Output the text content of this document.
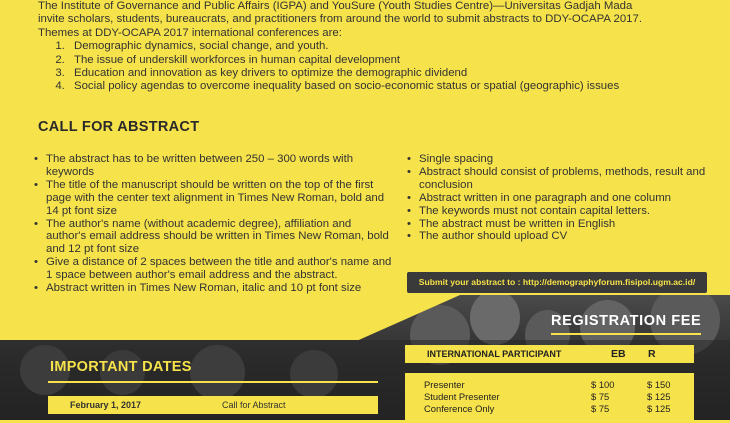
The Institute of Governance and Public Affairs (IGPA) and YouSure (Youth Studies Centre)—Universitas Gadjah Mada

invite scholars, students, bureaucrats, and practitioners from around the world to submit abstracts to DDY-OCAPA 2017.

Themes at DDY-OCAPA 2017 international conferences are:

1. Demographic dynamics, social change, and youth.
2. The issue of underskill workforces in human capital development
3. Education and innovation as key drivers to optimize the demographic dividend
4. Social policy agendas to overcome inequality based on socio-economic status or spatial (geographic) issues
CALL FOR ABSTRACT
• The abstract has to be written between 250 – 300 words with keywords
• The title of the manuscript should be written on the top of the first page with the center text alignment in Times New Roman, bold and 14 pt font size
• The author's name (without academic degree), affiliation and author's email address should be written in Times New Roman, bold and 12 pt font size
• Give a distance of 2 spaces between the title and author's name and 1 space between author's email address and the abstract.
• Abstract written in Times New Roman, italic and 10 pt font size
•
• Single spacing
• Abstract should consist of problems, methods, result and conclusion
• Abstract written in one paragraph and one column
• The keywords must not contain capital letters.
• The abstract must be written in English
• The author should upload CV
Submit your abstract to : http://demographyforum.fisipol.ugm.ac.id/
IMPORTANT DATES
February 1, 2017	Call for Abstract
REGISTRATION FEE
INTERNATIONAL PARTICIPANT	EB R
Presenter	$ 100	$ 150
Student Presenter	$ 75	$ 125
Conference Only	$ 75	$ 125
